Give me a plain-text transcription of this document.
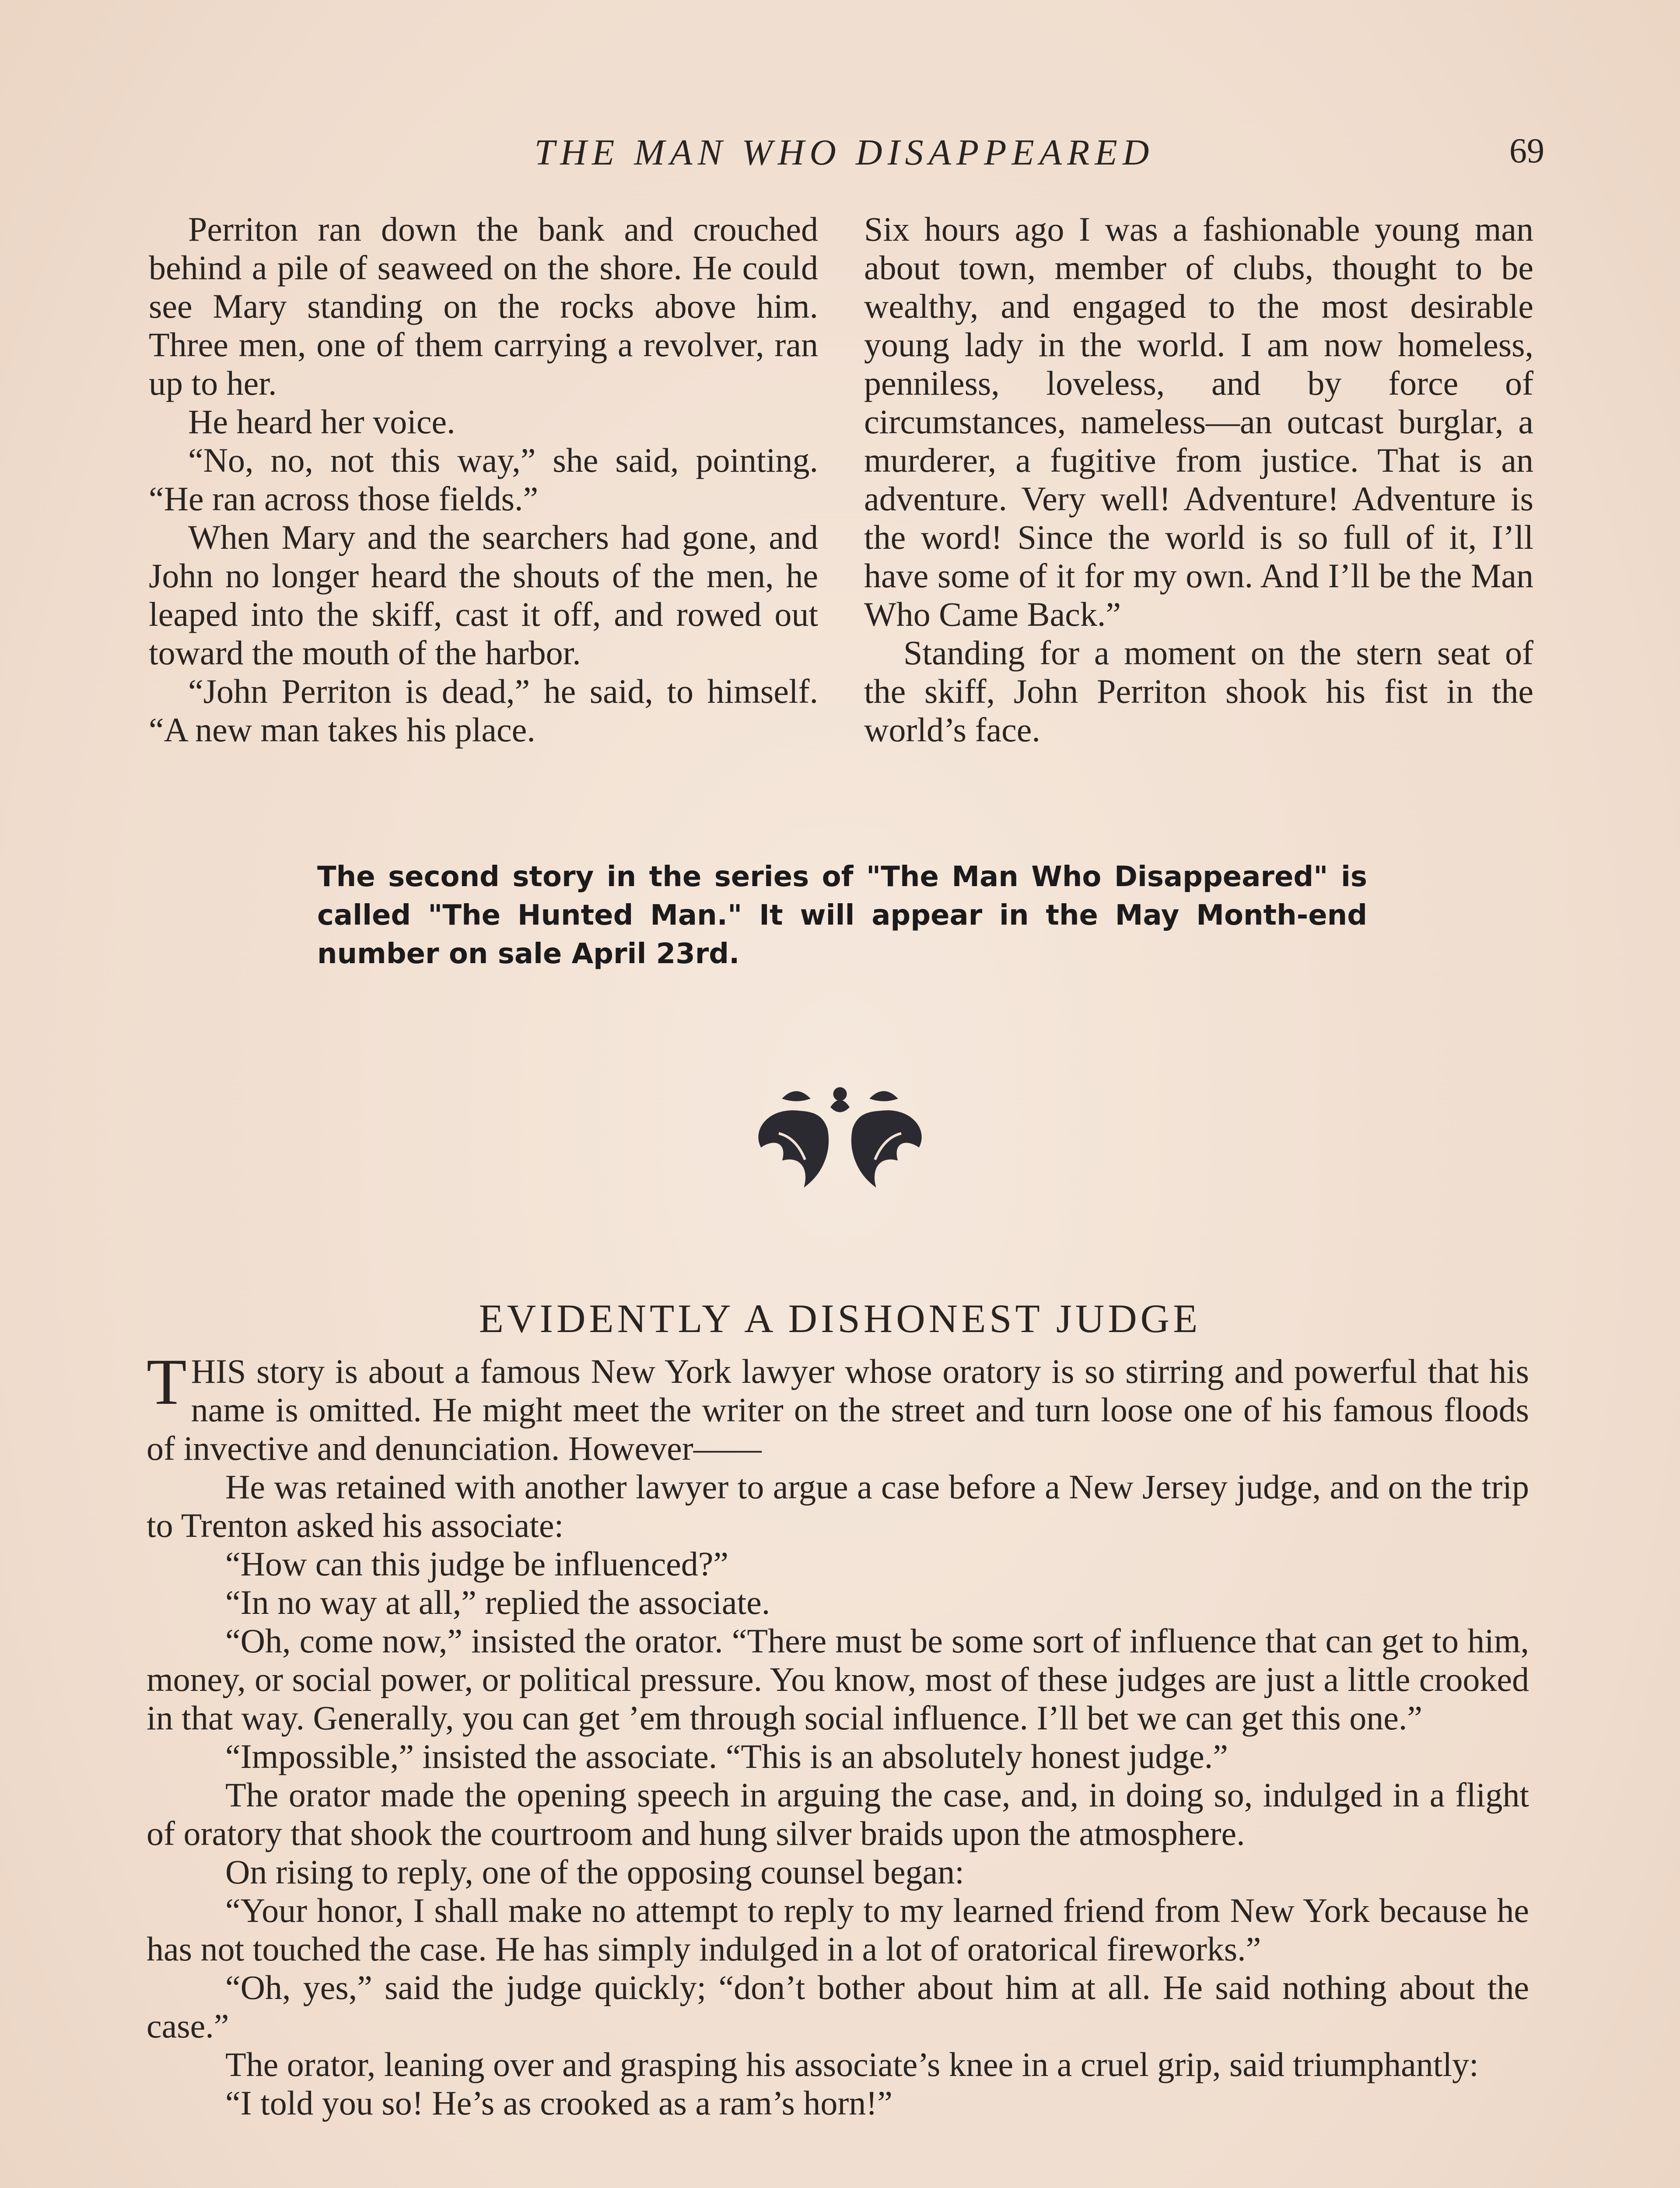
THE MAN WHO DISAPPEARED	69

Perriton ran down the bank and crouched behind a pile of seaweed on the shore. He could see Mary standing on the rocks above him. Three men, one of them carrying a revolver, ran up to her.

He heard her voice.

“No, no, not this way,” she said, pointing. “He ran across those fields.”

When Mary and the searchers had gone, and John no longer heard the shouts of the men, he leaped into the skiff, cast it off, and rowed out toward the mouth of the harbor.

“John Perriton is dead,” he said, to himself. “A new man takes his place.

Six hours ago I was a fashionable young man about town, member of clubs, thought to be wealthy, and engaged to the most desirable young lady in the world. I am now homeless, penniless, loveless, and by force of circumstances, nameless—an outcast burglar, a murderer, a fugitive from justice. That is an adventure. Very well! Adventure! Adventure is the word! Since the world is so full of it, I’ll have some of it for my own. And I’ll be the Man Who Came Back.”

Standing for a moment on the stern seat of the skiff, John Perriton shook his fist in the world’s face.

The second story in the series of "The Man Who Disappeared" is called "The Hunted Man." It will appear in the May Month-end number on sale April 23rd.
EVIDENTLY A DISHONEST JUDGE

THIS story is about a famous New York lawyer whose oratory is so stirring and powerful that his name is omitted. He might meet the writer on the street and turn loose one of his famous floods of invective and denunciation. However——

He was retained with another lawyer to argue a case before a New Jersey judge, and on the trip to Trenton asked his associate:

“How can this judge be influenced?”

“In no way at all,” replied the associate.

“Oh, come now,” insisted the orator. “There must be some sort of influence that can get to him, money, or social power, or political pressure. You know, most of these judges are just a little crooked in that way. Generally, you can get ’em through social influence. I’ll bet we can get this one.”

“Impossible,” insisted the associate. “This is an absolutely honest judge.”

The orator made the opening speech in arguing the case, and, in doing so, indulged in a flight of oratory that shook the courtroom and hung silver braids upon the atmosphere.

On rising to reply, one of the opposing counsel began:

“Your honor, I shall make no attempt to reply to my learned friend from New York because he has not touched the case. He has simply indulged in a lot of oratorical fireworks.”

“Oh, yes,” said the judge quickly; “don’t bother about him at all. He said nothing about the case.”

The orator, leaning over and grasping his associate’s knee in a cruel grip, said triumphantly:

“I told you so! He’s as crooked as a ram’s horn!”
